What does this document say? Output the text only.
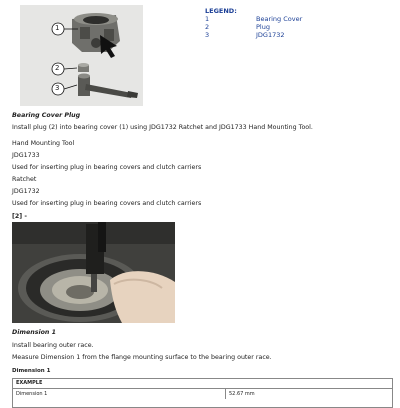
1
2
3
LEGEND:
1	Bearing Cover
2	Plug
3	JDG1732
Bearing Cover Plug
Install plug (2) into bearing cover (1) using JDG1732 Ratchet and JDG1733 Hand Mounting Tool.
Hand Mounting Tool
JDG1733
Used for inserting plug in bearing covers and clutch carriers
Ratchet
JDG1732
Used for inserting plug in bearing covers and clutch carriers
[2] -
Dimension 1
Install bearing outer race.
Measure Dimension 1 from the flange mounting surface to the bearing outer race.
Dimension 1
EXAMPLE
Dimension 1	52.67 mm
